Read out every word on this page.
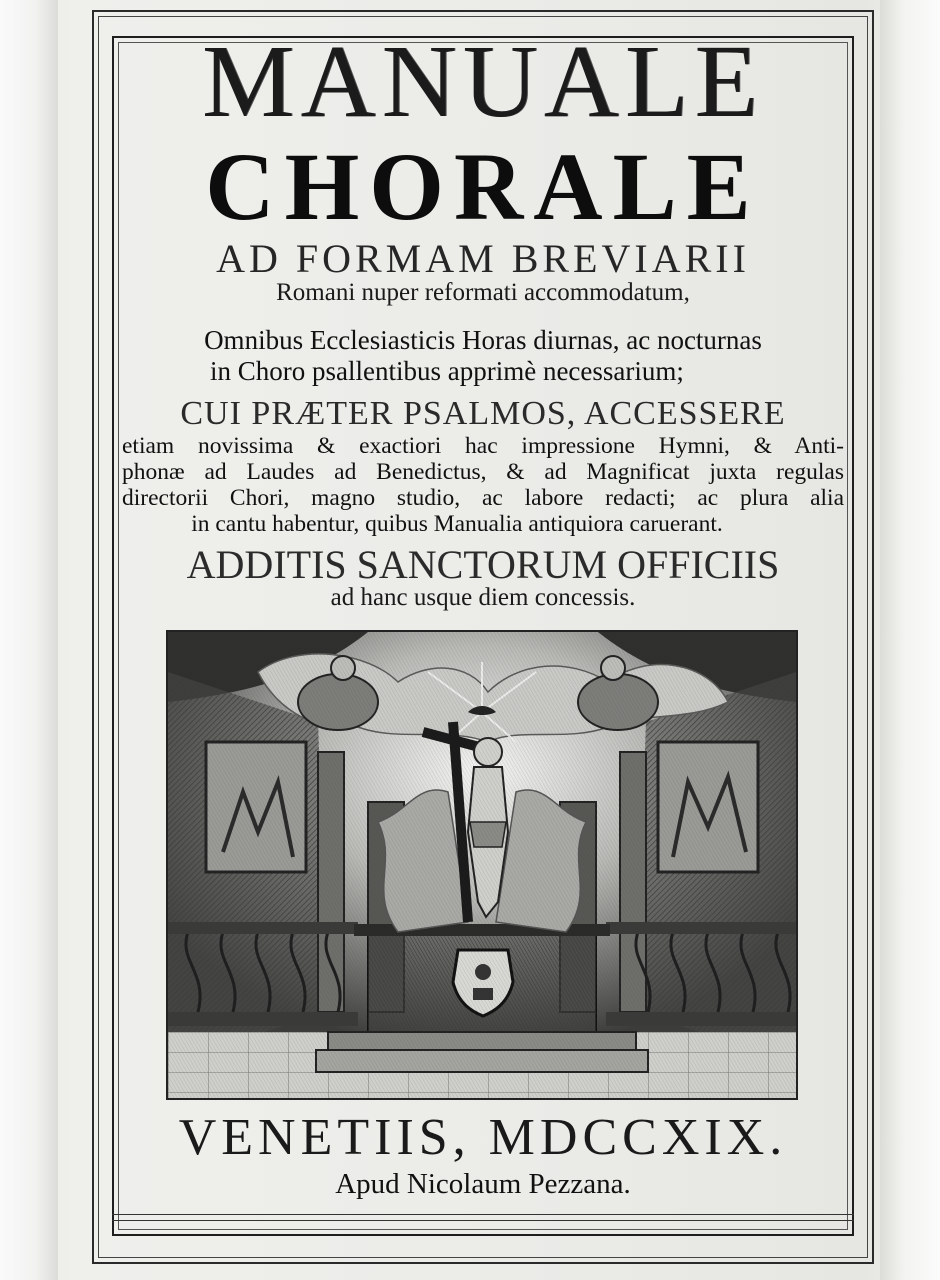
MANUALE
CHORALE
AD FORMAM BREVIARII
Romani nuper reformati accommodatum,
Omnibus Ecclesiasticis Horas diurnas, ac nocturnas
in Choro psallentibus apprimè necessarium;
CUI PRÆTER PSALMOS, ACCESSERE
etiam novissima & exactiori hac impressione Hymni, & Anti-
phonæ ad Laudes ad Benedictus, & ad Magnificat juxta regulas
directorii Chori, magno studio, ac labore redacti; ac plura alia
in cantu habentur, quibus Manualia antiquiora caruerant.
ADDITIS SANCTORUM OFFICIIS
ad hanc usque diem concessis.
VENETIIS, MDCCXIX.
Apud Nicolaum Pezzana.
